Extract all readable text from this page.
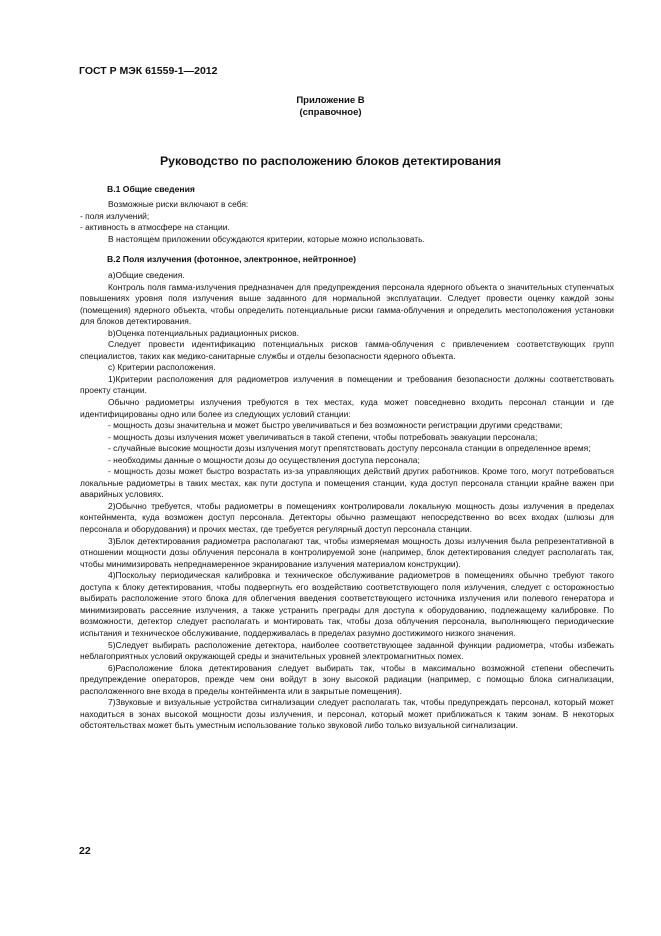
ГОСТ Р МЭК 61559-1—2012
Приложение В
(справочное)
Руководство по расположению блоков детектирования
В.1 Общие сведения

Возможные риски включают в себя:

- поля излучений;

- активность в атмосфере на станции.

В настоящем приложении обсуждаются критерии, которые можно использовать.

В.2 Поля излучения (фотонное, электронное, нейтронное)

а)Общие сведения.

Контроль поля гамма-излучения предназначен для предупреждения персонала ядерного объекта о значительных ступенчатых повышениях уровня поля излучения выше заданного для нормальной эксплуатации. Следует провести оценку каждой зоны (помещения) ядерного объекта, чтобы определить потенциальные риски гамма-облучения и определить местоположения установки для блоков детектирования.

b)Оценка потенциальных радиационных рисков.

Следует провести идентификацию потенциальных рисков гамма-облучения с привлечением соответствующих групп специалистов, таких как медико-санитарные службы и отделы безопасности ядерного объекта.

c) Критерии расположения.

1)Критерии расположения для радиометров излучения в помещении и требования безопасности должны соответствовать проекту станции.

Обычно радиометры излучения требуются в тех местах, куда может повседневно входить персонал станции и где идентифицированы одно или более из следующих условий станции:

- мощность дозы значительна и может быстро увеличиваться и без возможности регистрации другими средствами;

- мощность дозы излучения может увеличиваться в такой степени, чтобы потребовать эвакуации персонала;

- случайные высокие мощности дозы излучения могут препятствовать доступу персонала станции в определенное время;

- необходимы данные о мощности дозы до осуществления доступа персонала;

- мощность дозы может быстро возрастать из-за управляющих действий других работников. Кроме того, могут потребоваться локальные радиометры в таких местах, как пути доступа и помещения станции, куда доступ персонала станции крайне важен при аварийных условиях.

2)Обычно требуется, чтобы радиометры в помещениях контролировали локальную мощность дозы излучения в пределах контейнмента, куда возможен доступ персонала. Детекторы обычно размещают непосредственно во всех входах (шлюзы для персонала и оборудования) и прочих местах, где требуется регулярный доступ персонала станции.

3)Блок детектирования радиометра располагают так, чтобы измеряемая мощность дозы излучения была репрезентативной в отношении мощности дозы облучения персонала в контролируемой зоне (например, блок детектирования следует располагать так, чтобы минимизировать непреднамеренное экранирование излучения материалом конструкции).

4)Поскольку периодическая калибровка и техническое обслуживание радиометров в помещениях обычно требуют такого доступа к блоку детектирования, чтобы подвергнуть его воздействию соответствующего поля излучения, следует с осторожностью выбирать расположение этого блока для облегчения введения соответствующего источника излучения или полевого генератора и минимизировать рассеяние излучения, а также устранить преграды для доступа к оборудованию, подлежащему калибровке. По возможности, детектор следует располагать и монтировать так, чтобы доза облучения персонала, выполняющего периодические испытания и техническое обслуживание, поддерживалась в пределах разумно достижимого низкого значения.

5)Следует выбирать расположение детектора, наиболее соответствующее заданной функции радиометра, чтобы избежать неблагоприятных условий окружающей среды и значительных уровней электромагнитных помех.

6)Расположение блока детектирования следует выбирать так, чтобы в максимально возможной степени обеспечить предупреждение операторов, прежде чем они войдут в зону высокой радиации (например, с помощью блока сигнализации, расположенного вне входа в пределы контейнмента или в закрытые помещения).

7)Звуковые и визуальные устройства сигнализации следует располагать так, чтобы предупреждать персонал, который может находиться в зонах высокой мощности дозы излучения, и персонал, который может приближаться к таким зонам. В некоторых обстоятельствах может быть уместным использование только звуковой либо только визуальной сигнализации.

22
